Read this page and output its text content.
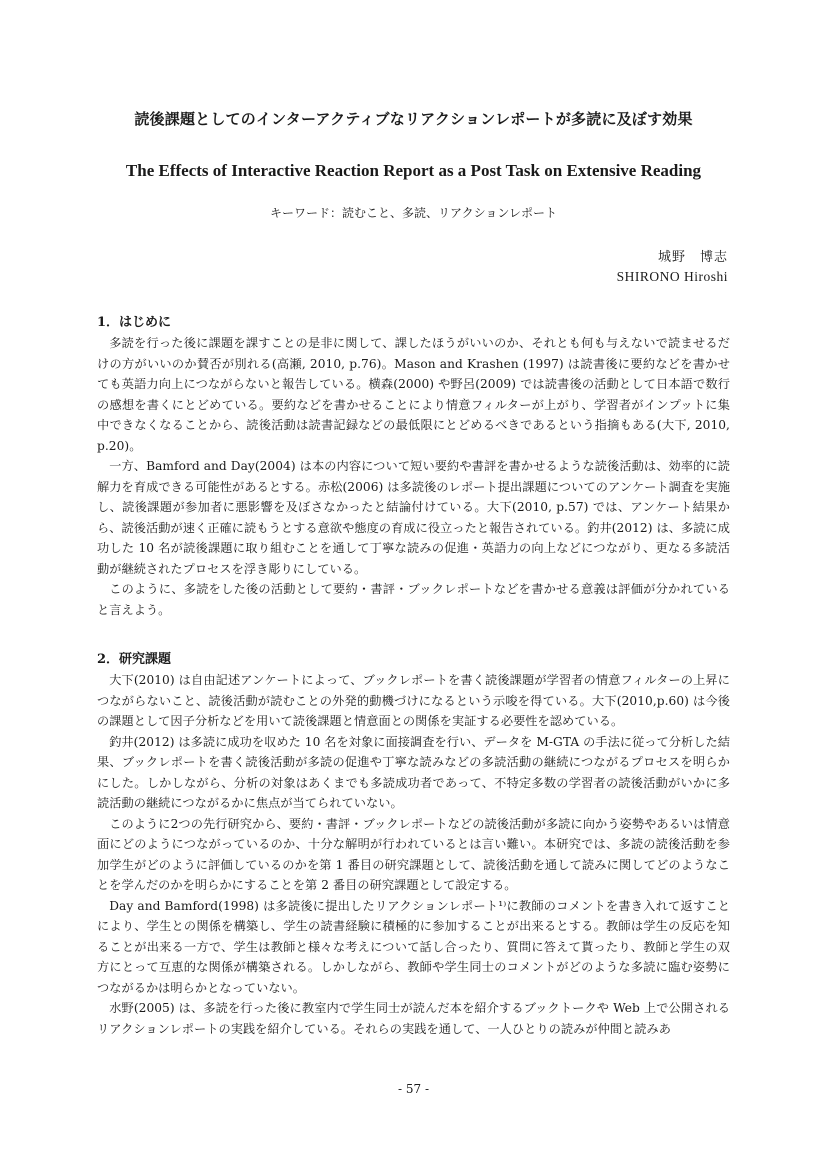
読後課題としてのインターアクティブなリアクションレポートが多読に及ぼす効果
The Effects of Interactive Reaction Report as a Post Task on Extensive Reading
キーワード：読むこと、多読、リアクションレポート
城野　博志
SHIRONO Hiroshi
1．はじめに

多読を行った後に課題を課すことの是非に関して、課したほうがいいのか、それとも何も与えないで読ませるだけの方がいいのか賛否が別れる(高瀬, 2010, p.76)。Mason and Krashen (1997) は読書後に要約などを書かせても英語力向上につながらないと報告している。横森(2000) や野呂(2009) では読書後の活動として日本語で数行の感想を書くにとどめている。要約などを書かせることにより情意フィルターが上がり、学習者がインプットに集中できなくなることから、読後活動は読書記録などの最低限にとどめるべきであるという指摘もある(大下, 2010, p.20)。

一方、Bamford and Day(2004) は本の内容について短い要約や書評を書かせるような読後活動は、効率的に読解力を育成できる可能性があるとする。赤松(2006) は多読後のレポート提出課題についてのアンケート調査を実施し、読後課題が参加者に悪影響を及ぼさなかったと結論付けている。大下(2010, p.57) では、アンケート結果から、読後活動が速く正確に読もうとする意欲や態度の育成に役立ったと報告されている。釣井(2012) は、多読に成功した 10 名が読後課題に取り組むことを通して丁寧な読みの促進・英語力の向上などにつながり、更なる多読活動が継続されたプロセスを浮き彫りにしている。

このように、多読をした後の活動として要約・書評・ブックレポートなどを書かせる意義は評価が分かれていると言えよう。

2．研究課題

大下(2010) は自由記述アンケートによって、ブックレポートを書く読後課題が学習者の情意フィルターの上昇につながらないこと、読後活動が読むことの外発的動機づけになるという示唆を得ている。大下(2010,p.60) は今後の課題として因子分析などを用いて読後課題と情意面との関係を実証する必要性を認めている。

釣井(2012) は多読に成功を収めた 10 名を対象に面接調査を行い、データを M-GTA の手法に従って分析した結果、ブックレポートを書く読後活動が多読の促進や丁寧な読みなどの多読活動の継続につながるプロセスを明らかにした。しかしながら、分析の対象はあくまでも多読成功者であって、不特定多数の学習者の読後活動がいかに多読活動の継続につながるかに焦点が当てられていない。

このように2つの先行研究から、要約・書評・ブックレポートなどの読後活動が多読に向かう姿勢やあるいは情意面にどのようにつながっているのか、十分な解明が行われているとは言い難い。本研究では、多読の読後活動を参加学生がどのように評価しているのかを第 1 番目の研究課題として、読後活動を通して読みに関してどのようなことを学んだのかを明らかにすることを第 2 番目の研究課題として設定する。

Day and Bamford(1998) は多読後に提出したリアクションレポート¹⁾に教師のコメントを書き入れて返すことにより、学生との関係を構築し、学生の読書経験に積極的に参加することが出来るとする。教師は学生の反応を知ることが出来る一方で、学生は教師と様々な考えについて話し合ったり、質問に答えて貰ったり、教師と学生の双方にとって互恵的な関係が構築される。しかしながら、教師や学生同士のコメントがどのような多読に臨む姿勢につながるかは明らかとなっていない。

水野(2005) は、多読を行った後に教室内で学生同士が読んだ本を紹介するブックトークや Web 上で公開されるリアクションレポートの実践を紹介している。それらの実践を通して、一人ひとりの読みが仲間と読みあ

- 57 -
